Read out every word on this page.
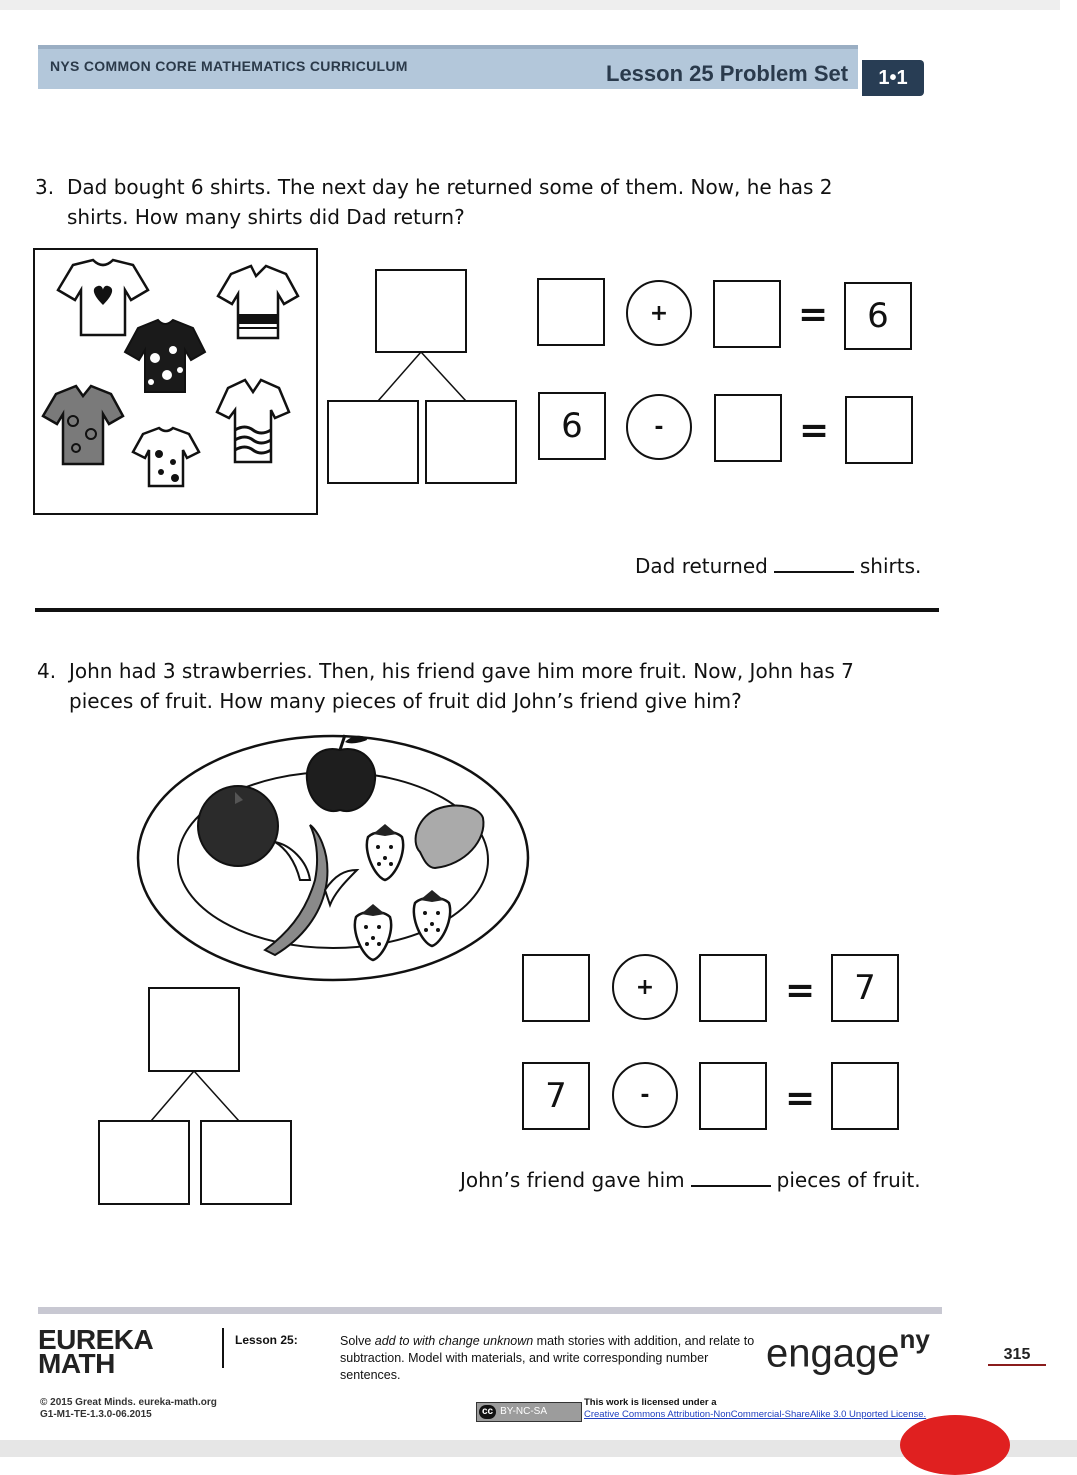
NYS COMMON CORE MATHEMATICS CURRICULUM	Lesson 25 Problem Set	1•1
3. Dad bought 6 shirts. The next day he returned some of them. Now, he has 2
shirts. How many shirts did Dad return?
+	=	6
6	-	=
Dad returned	shirts.
4. John had 3 strawberries. Then, his friend gave him more fruit. Now, John has 7
pieces of fruit. How many pieces of fruit did John’s friend give him?
+	=	7
7	-	=
John’s friend gave him	pieces of fruit.
EUREKA
MATH
Lesson 25:	Solve add to with change unknown math stories with addition, and relate to subtraction. Model with materials, and write corresponding number sentences.	engage$^{ny}$
315
© 2015 Great Minds. eureka-math.org
G1-M1-TE-1.3.0-06.2015	cc BY-NC-SA
This work is licensed under a
Creative Commons Attribution-NonCommercial-ShareAlike 3.0 Unported License.
